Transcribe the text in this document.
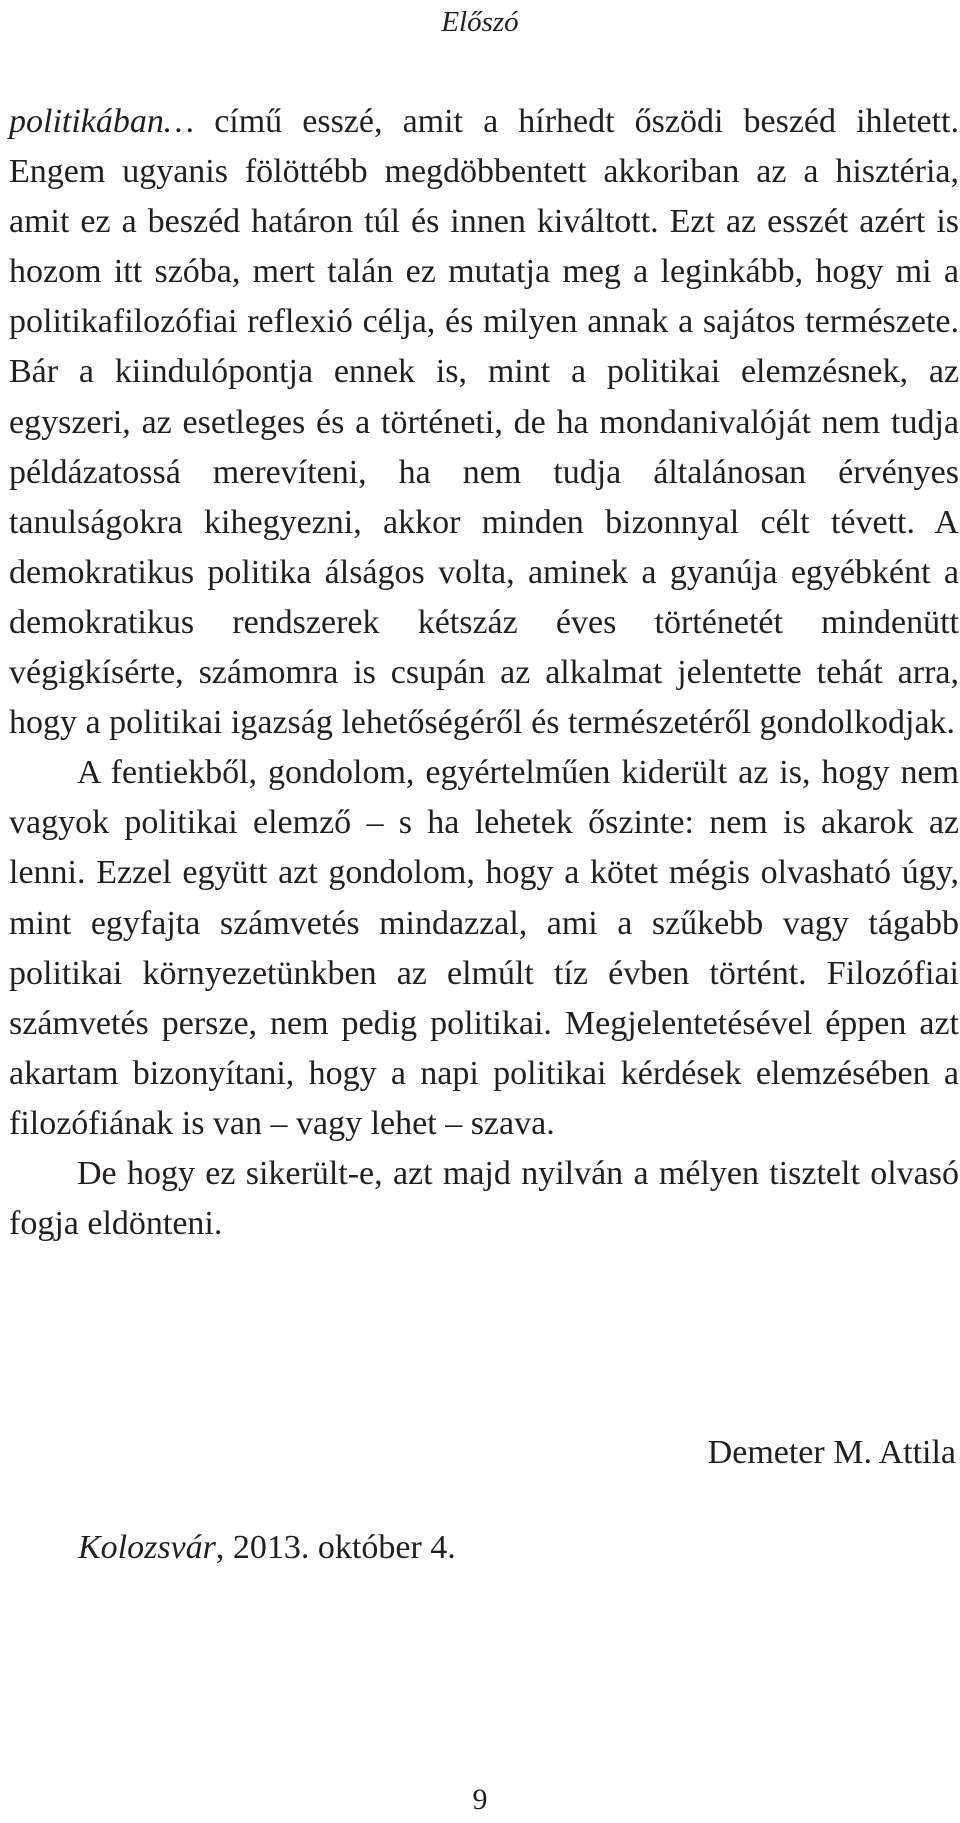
Előszó

politikában… című esszé, amit a hírhedt őszödi beszéd ihletett. Engem ugyanis fölöttébb megdöbbentett akkoriban az a hisztéria, amit ez a beszéd határon túl és innen kiváltott. Ezt az esszét azért is hozom itt szóba, mert talán ez mutatja meg a leginkább, hogy mi a politikafilozófiai reflexió célja, és milyen annak a sajátos természete. Bár a kiindulópontja ennek is, mint a politikai elemzésnek, az egyszeri, az esetleges és a történeti, de ha mondanivalóját nem tudja példázatossá merevíteni, ha nem tudja általánosan érvényes tanulságokra kihegyezni, akkor minden bizonnyal célt tévett. A demokratikus politika álságos volta, aminek a gyanúja egyébként a demokratikus rendszerek kétszáz éves történetét mindenütt végigkísérte, számomra is csupán az alkalmat jelentette tehát arra, hogy a politikai igazság lehetőségéről és természetéről gondolkodjak.

A fentiekből, gondolom, egyértelműen kiderült az is, hogy nem vagyok politikai elemző – s ha lehetek őszinte: nem is akarok az lenni. Ezzel együtt azt gondolom, hogy a kötet mégis olvasható úgy, mint egyfajta számvetés mindazzal, ami a szűkebb vagy tágabb politikai környezetünkben az elmúlt tíz évben történt. Filozófiai számvetés persze, nem pedig politikai. Megjelentetésével éppen azt akartam bizonyítani, hogy a napi politikai kérdések elemzésében a filozófiának is van – vagy lehet – szava.

De hogy ez sikerült-e, azt majd nyilván a mélyen tisztelt olvasó fogja eldönteni.

Demeter M. Attila
Kolozsvár, 2013. október 4.
9
